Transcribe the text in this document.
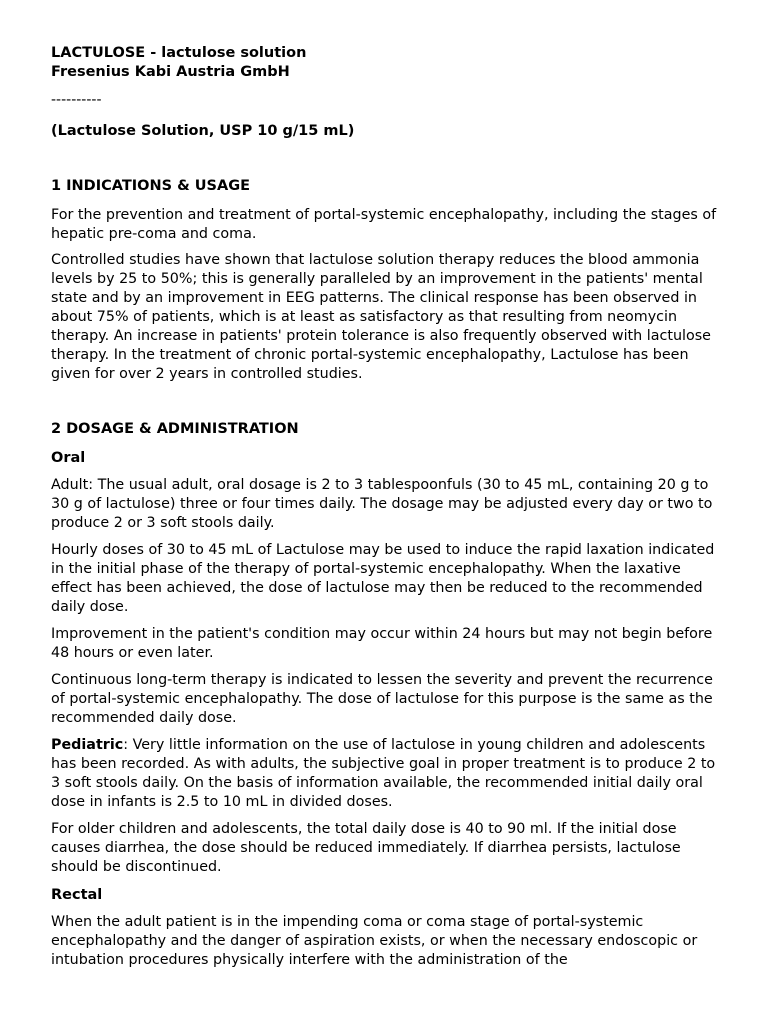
LACTULOSE - lactulose solution
Fresenius Kabi Austria GmbH
----------
(Lactulose Solution, USP 10 g/15 mL)
1 INDICATIONS & USAGE

For the prevention and treatment of portal-systemic encephalopathy, including the stages of hepatic pre-coma and coma.

Controlled studies have shown that lactulose solution therapy reduces the blood ammonia levels by 25 to 50%; this is generally paralleled by an improvement in the patients' mental state and by an improvement in EEG patterns. The clinical response has been observed in about 75% of patients, which is at least as satisfactory as that resulting from neomycin therapy. An increase in patients' protein tolerance is also frequently observed with lactulose therapy. In the treatment of chronic portal-systemic encephalopathy, Lactulose has been given for over 2 years in controlled studies.

2 DOSAGE & ADMINISTRATION
Oral

Adult: The usual adult, oral dosage is 2 to 3 tablespoonfuls (30 to 45 mL, containing 20 g to 30 g of lactulose) three or four times daily. The dosage may be adjusted every day or two to produce 2 or 3 soft stools daily.

Hourly doses of 30 to 45 mL of Lactulose may be used to induce the rapid laxation indicated in the initial phase of the therapy of portal-systemic encephalopathy. When the laxative effect has been achieved, the dose of lactulose may then be reduced to the recommended daily dose.

Improvement in the patient's condition may occur within 24 hours but may not begin before 48 hours or even later.

Continuous long-term therapy is indicated to lessen the severity and prevent the recurrence of portal-systemic encephalopathy. The dose of lactulose for this purpose is the same as the recommended daily dose.

Pediatric: Very little information on the use of lactulose in young children and adolescents has been recorded. As with adults, the subjective goal in proper treatment is to produce 2 to 3 soft stools daily. On the basis of information available, the recommended initial daily oral dose in infants is 2.5 to 10 mL in divided doses.

For older children and adolescents, the total daily dose is 40 to 90 ml. If the initial dose causes diarrhea, the dose should be reduced immediately. If diarrhea persists, lactulose should be discontinued.

Rectal

When the adult patient is in the impending coma or coma stage of portal-systemic encephalopathy and the danger of aspiration exists, or when the necessary endoscopic or intubation procedures physically interfere with the administration of the
